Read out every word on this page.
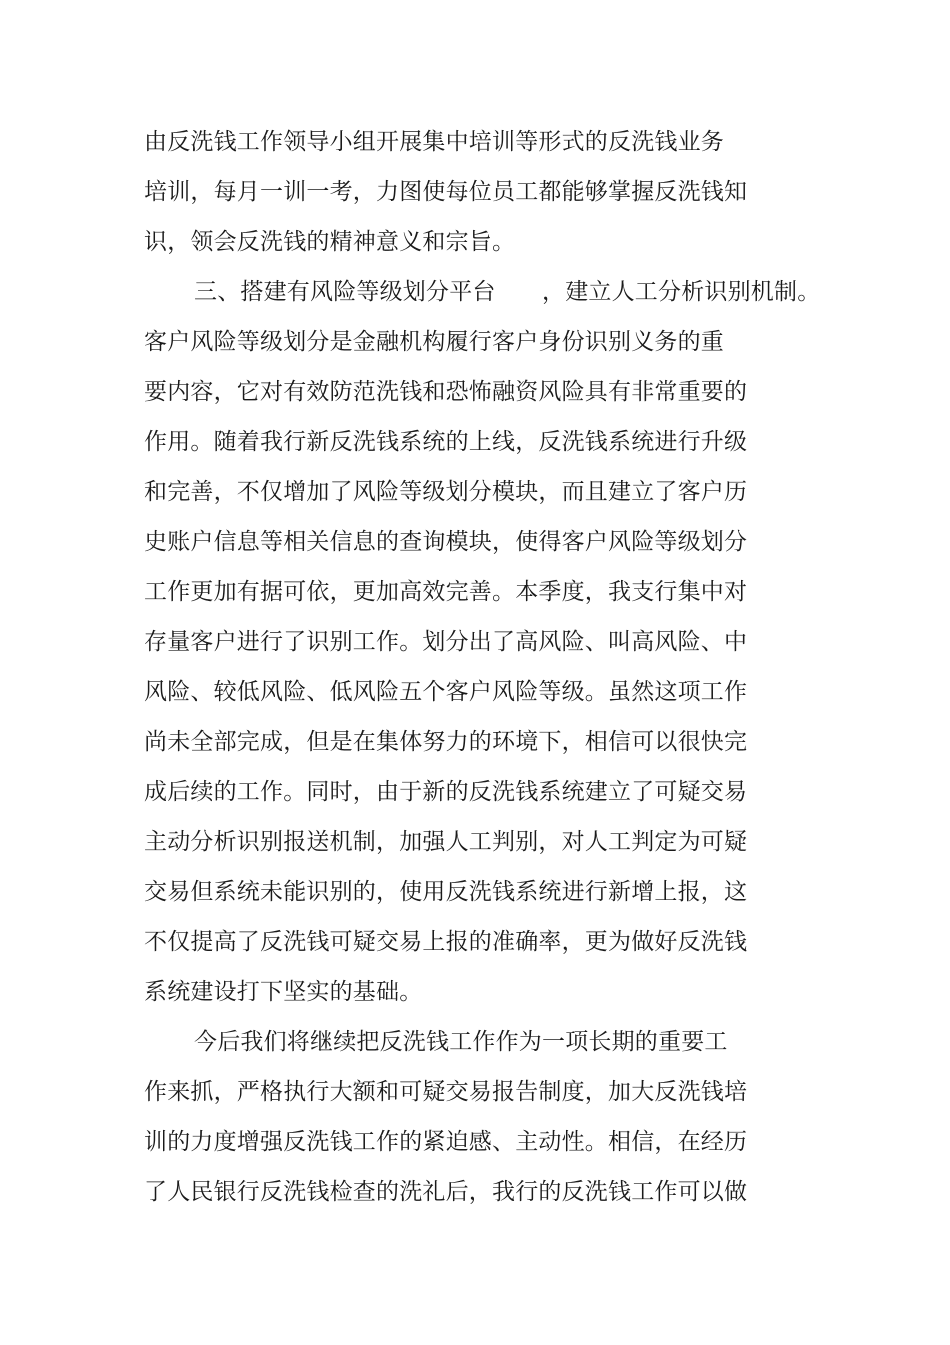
由反洗钱工作领导小组开展集中培训等形式的反洗钱业务
培训，每月一训一考，力图使每位员工都能够掌握反洗钱知
识，领会反洗钱的精神意义和宗旨。
三、搭建有风险等级划分平台　　，建立人工分析识别机制。
客户风险等级划分是金融机构履行客户身份识别义务的重
要内容，它对有效防范洗钱和恐怖融资风险具有非常重要的
作用。随着我行新反洗钱系统的上线，反洗钱系统进行升级
和完善，不仅增加了风险等级划分模块，而且建立了客户历
史账户信息等相关信息的查询模块，使得客户风险等级划分
工作更加有据可依，更加高效完善。本季度，我支行集中对
存量客户进行了识别工作。划分出了高风险、叫高风险、中
风险、较低风险、低风险五个客户风险等级。虽然这项工作
尚未全部完成，但是在集体努力的环境下，相信可以很快完
成后续的工作。同时，由于新的反洗钱系统建立了可疑交易
主动分析识别报送机制，加强人工判别，对人工判定为可疑
交易但系统未能识别的，使用反洗钱系统进行新增上报，这
不仅提高了反洗钱可疑交易上报的准确率，更为做好反洗钱
系统建设打下坚实的基础。
今后我们将继续把反洗钱工作作为一项长期的重要工
作来抓，严格执行大额和可疑交易报告制度，加大反洗钱培
训的力度增强反洗钱工作的紧迫感、主动性。相信，在经历
了人民银行反洗钱检查的洗礼后，我行的反洗钱工作可以做
